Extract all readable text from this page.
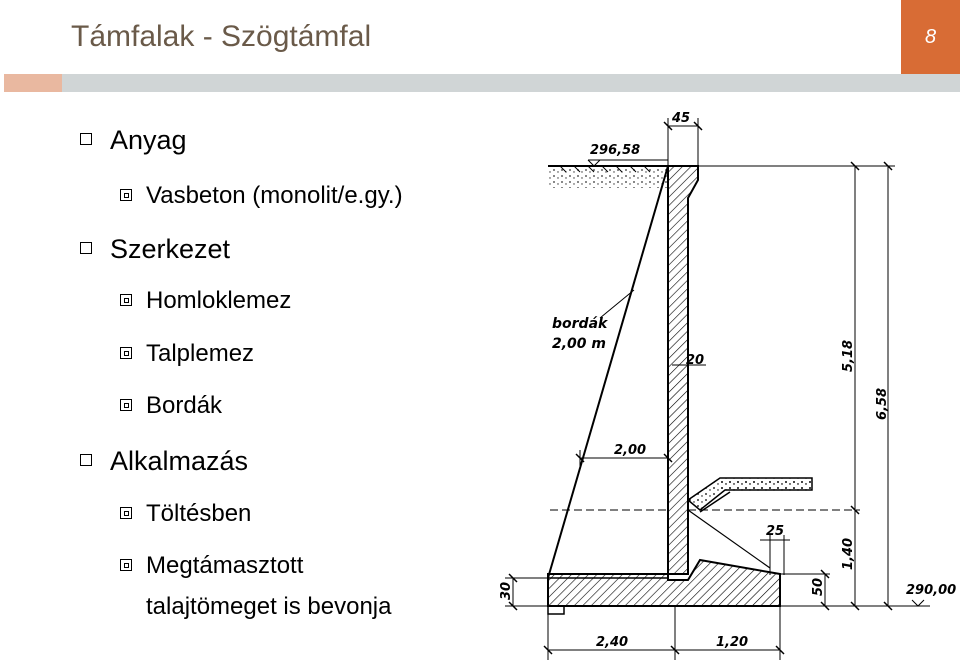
Támfalak - Szögtámfal	8
Anyag
Vasbeton (monolit/e.gy.)
Szerkezet
Homloklemez
Talplemez
Bordák
Alkalmazás
Töltésben
Megtámasztott
talajtömeget is bevonja
45
296,58
bordák
2,00 m
20
2,00
25
50
1,40
5,18
6,58
290,00
30
2,40	1,20
